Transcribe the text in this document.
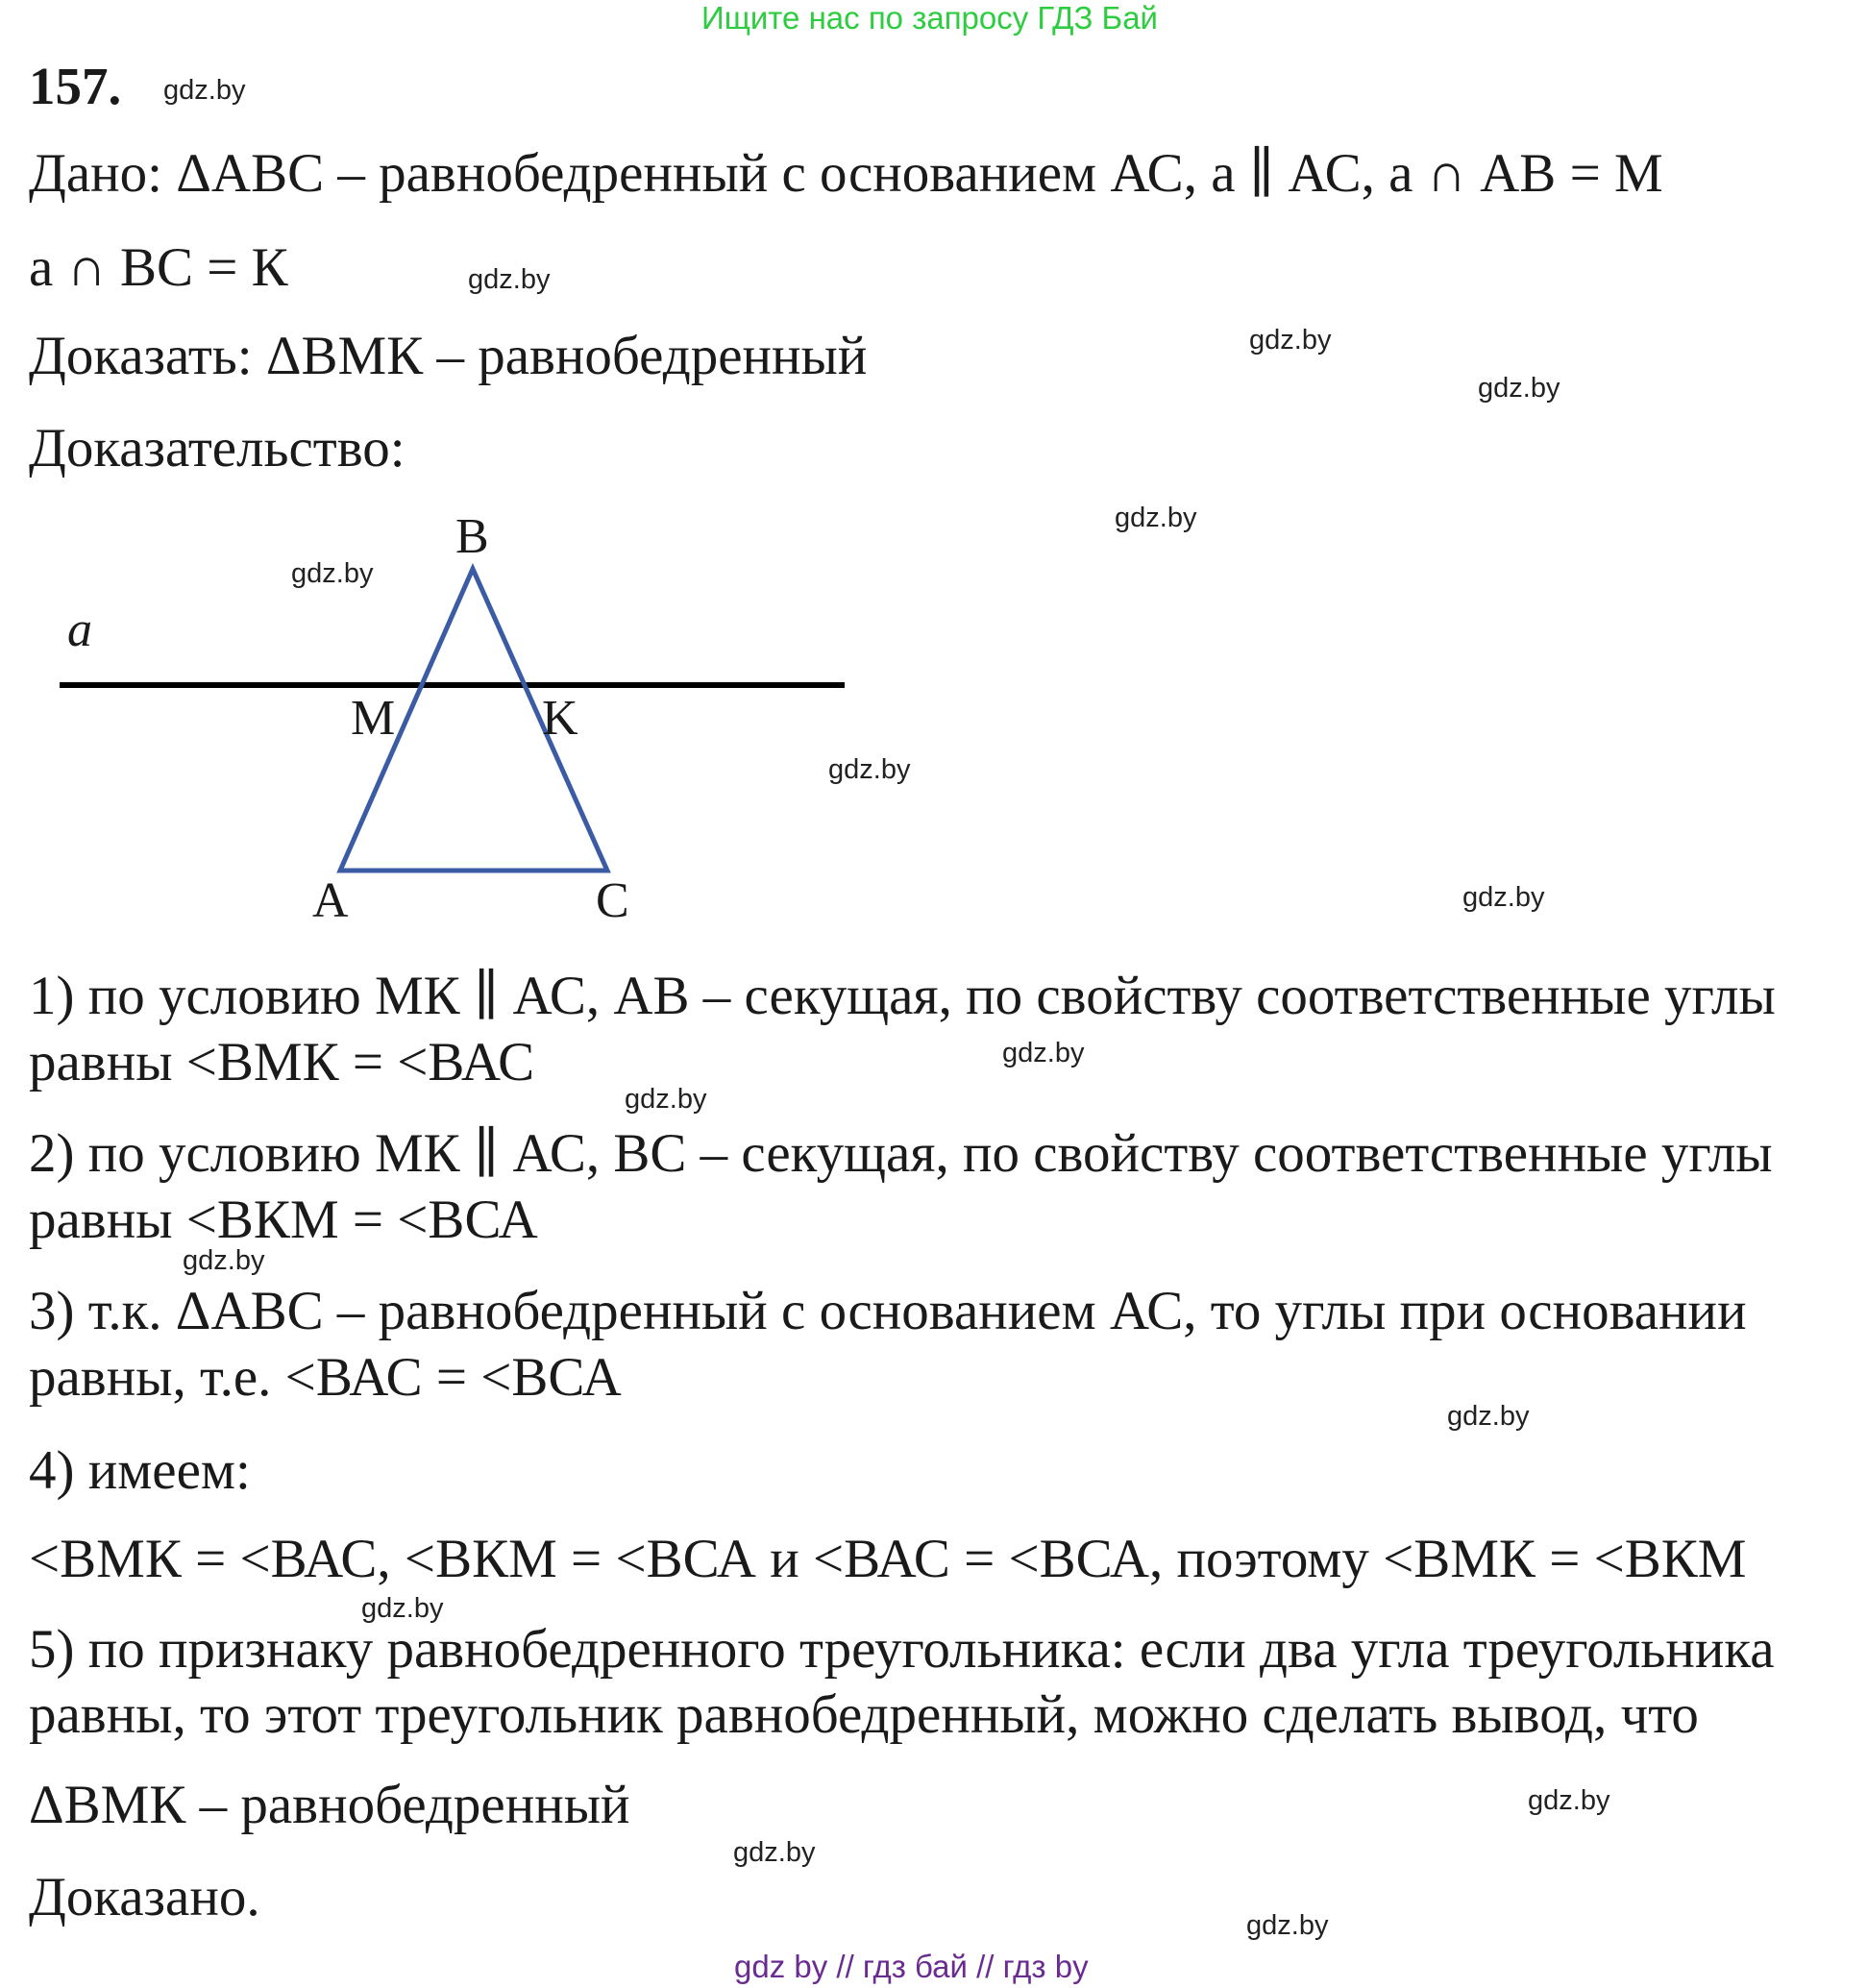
Ищите нас по запросу ГДЗ Бай
157. gdz.by
Дано: ΔАВС – равнобедренный с основанием АС, a ∥ АС, a ∩ АВ = М
a ∩ ВС = К	gdz.by
Доказать: ΔВМК – равнобедренный	gdz.by
gdz.by
Доказательство:
a
B
M	K
A	C
gdz.by
gdz.by
gdz.by
gdz.by
1) по условию МК ∥ АС, АВ – секущая, по свойству соответственные углы
равны <ВМК = <ВАС	gdz.by
gdz.by
2) по условию МК ∥ АС, ВС – секущая, по свойству соответственные углы
равны <ВКМ = <ВСА
gdz.by
3) т.к. ΔАВС – равнобедренный с основанием АС, то углы при основании
равны, т.е. <ВАС = <ВСА
gdz.by
4) имеем:
<ВМК = <ВАС, <ВКМ = <ВСА и <ВАС = <ВСА, поэтому <ВМК = <ВКМ
gdz.by
5) по признаку равнобедренного треугольника: если два угла треугольника
равны, то этот треугольник равнобедренный, можно сделать вывод, что
ΔВМК – равнобедренный	gdz.by
gdz.by
Доказано.	gdz.by
gdz by // гдз бай // гдз by
